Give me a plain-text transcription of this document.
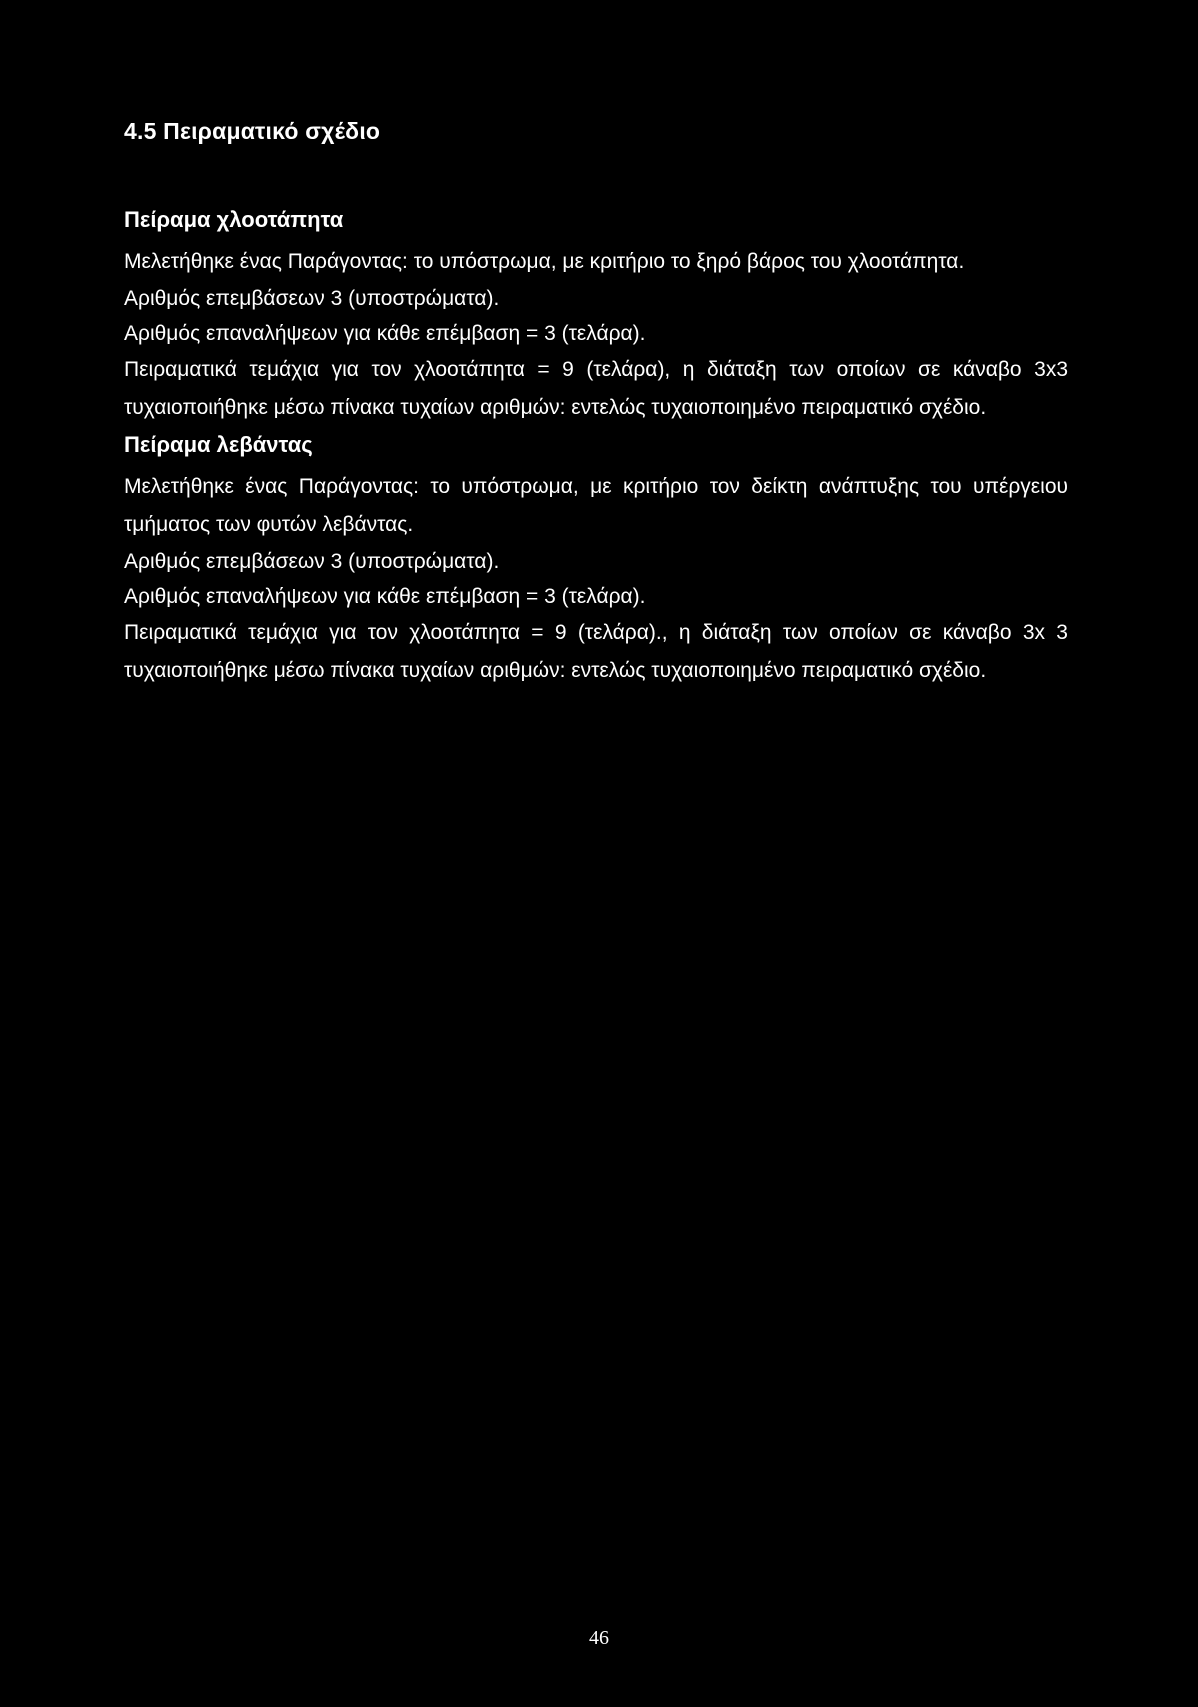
4.5 Πειραματικό σχέδιο
Πείραμα χλοοτάπητα

Μελετήθηκε ένας Παράγοντας: το υπόστρωμα, με κριτήριο το ξηρό βάρος του χλοοτάπητα.

Αριθμός επεμβάσεων 3 (υποστρώματα).

Αριθμός επαναλήψεων για κάθε επέμβαση = 3 (τελάρα).

Πειραματικά τεμάχια για τον χλοοτάπητα = 9 (τελάρα), η διάταξη των οποίων σε κάναβο 3x3 τυχαιοποιήθηκε μέσω πίνακα τυχαίων αριθμών: εντελώς τυχαιοποιημένο πειραματικό σχέδιο.

Πείραμα λεβάντας

Μελετήθηκε ένας Παράγοντας: το υπόστρωμα, με κριτήριο τον δείκτη ανάπτυξης του υπέργειου τμήματος των φυτών λεβάντας.

Αριθμός επεμβάσεων 3 (υποστρώματα).

Αριθμός επαναλήψεων για κάθε επέμβαση = 3 (τελάρα).

Πειραματικά τεμάχια για τον χλοοτάπητα = 9 (τελάρα)., η διάταξη των οποίων σε κάναβο 3x 3 τυχαιοποιήθηκε μέσω πίνακα τυχαίων αριθμών: εντελώς τυχαιοποιημένο πειραματικό σχέδιο.

46
